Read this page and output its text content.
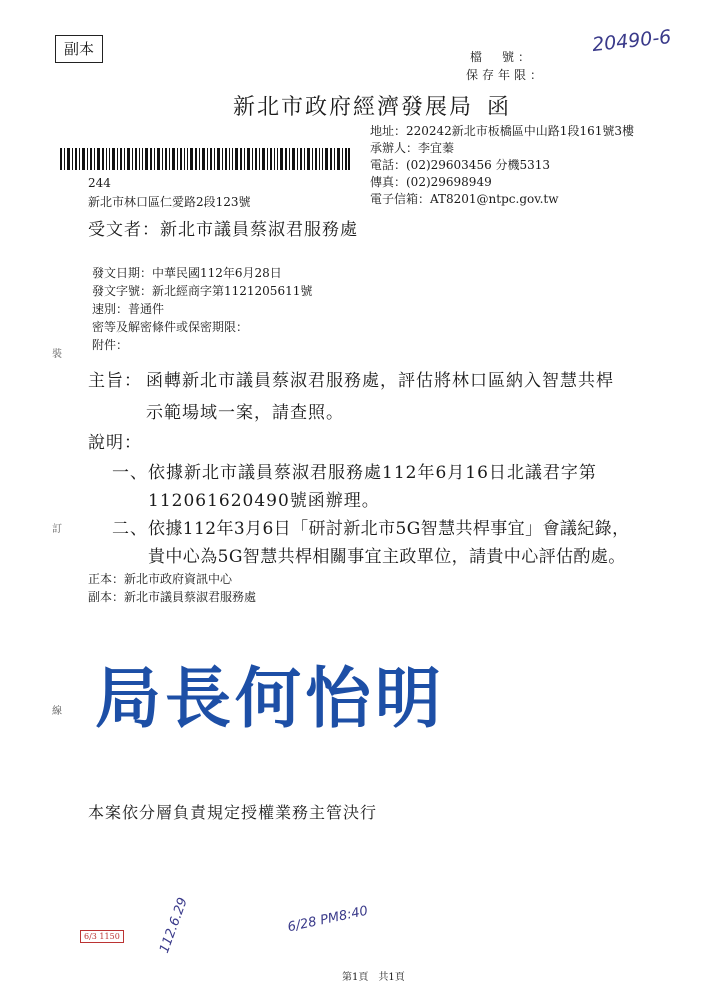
副本	檔　號：
保存年限：
20490-6
新北市政府經濟發展局 函
地址：220242新北市板橋區中山路1段161號3樓
承辦人：李宜蓁
電話：(02)29603456 分機5313
傳真：(02)29698949
電子信箱：AT8201@ntpc.gov.tw
244
新北市林口區仁愛路2段123號
受文者：新北市議員蔡淑君服務處
發文日期：中華民國112年6月28日
發文字號：新北經商字第1121205611號
速別：普通件
密等及解密條件或保密期限：
附件：
裝
訂
線
主旨： 函轉新北市議員蔡淑君服務處，評估將林口區納入智慧共桿
示範場域一案，請查照。
說明：
一、 依據新北市議員蔡淑君服務處112年6月16日北議君字第
112061620490號函辦理。
二、 依據112年3月6日「研討新北市5G智慧共桿事宜」會議紀錄，
貴中心為5G智慧共桿相關事宜主政單位，請貴中心評估酌處。
正本：新北市政府資訊中心
副本：新北市議員蔡淑君服務處
局長何怡明
本案依分層負責規定授權業務主管決行
6/3 1150	112.6.29	6/28 PM8:40
第1頁　共1頁
